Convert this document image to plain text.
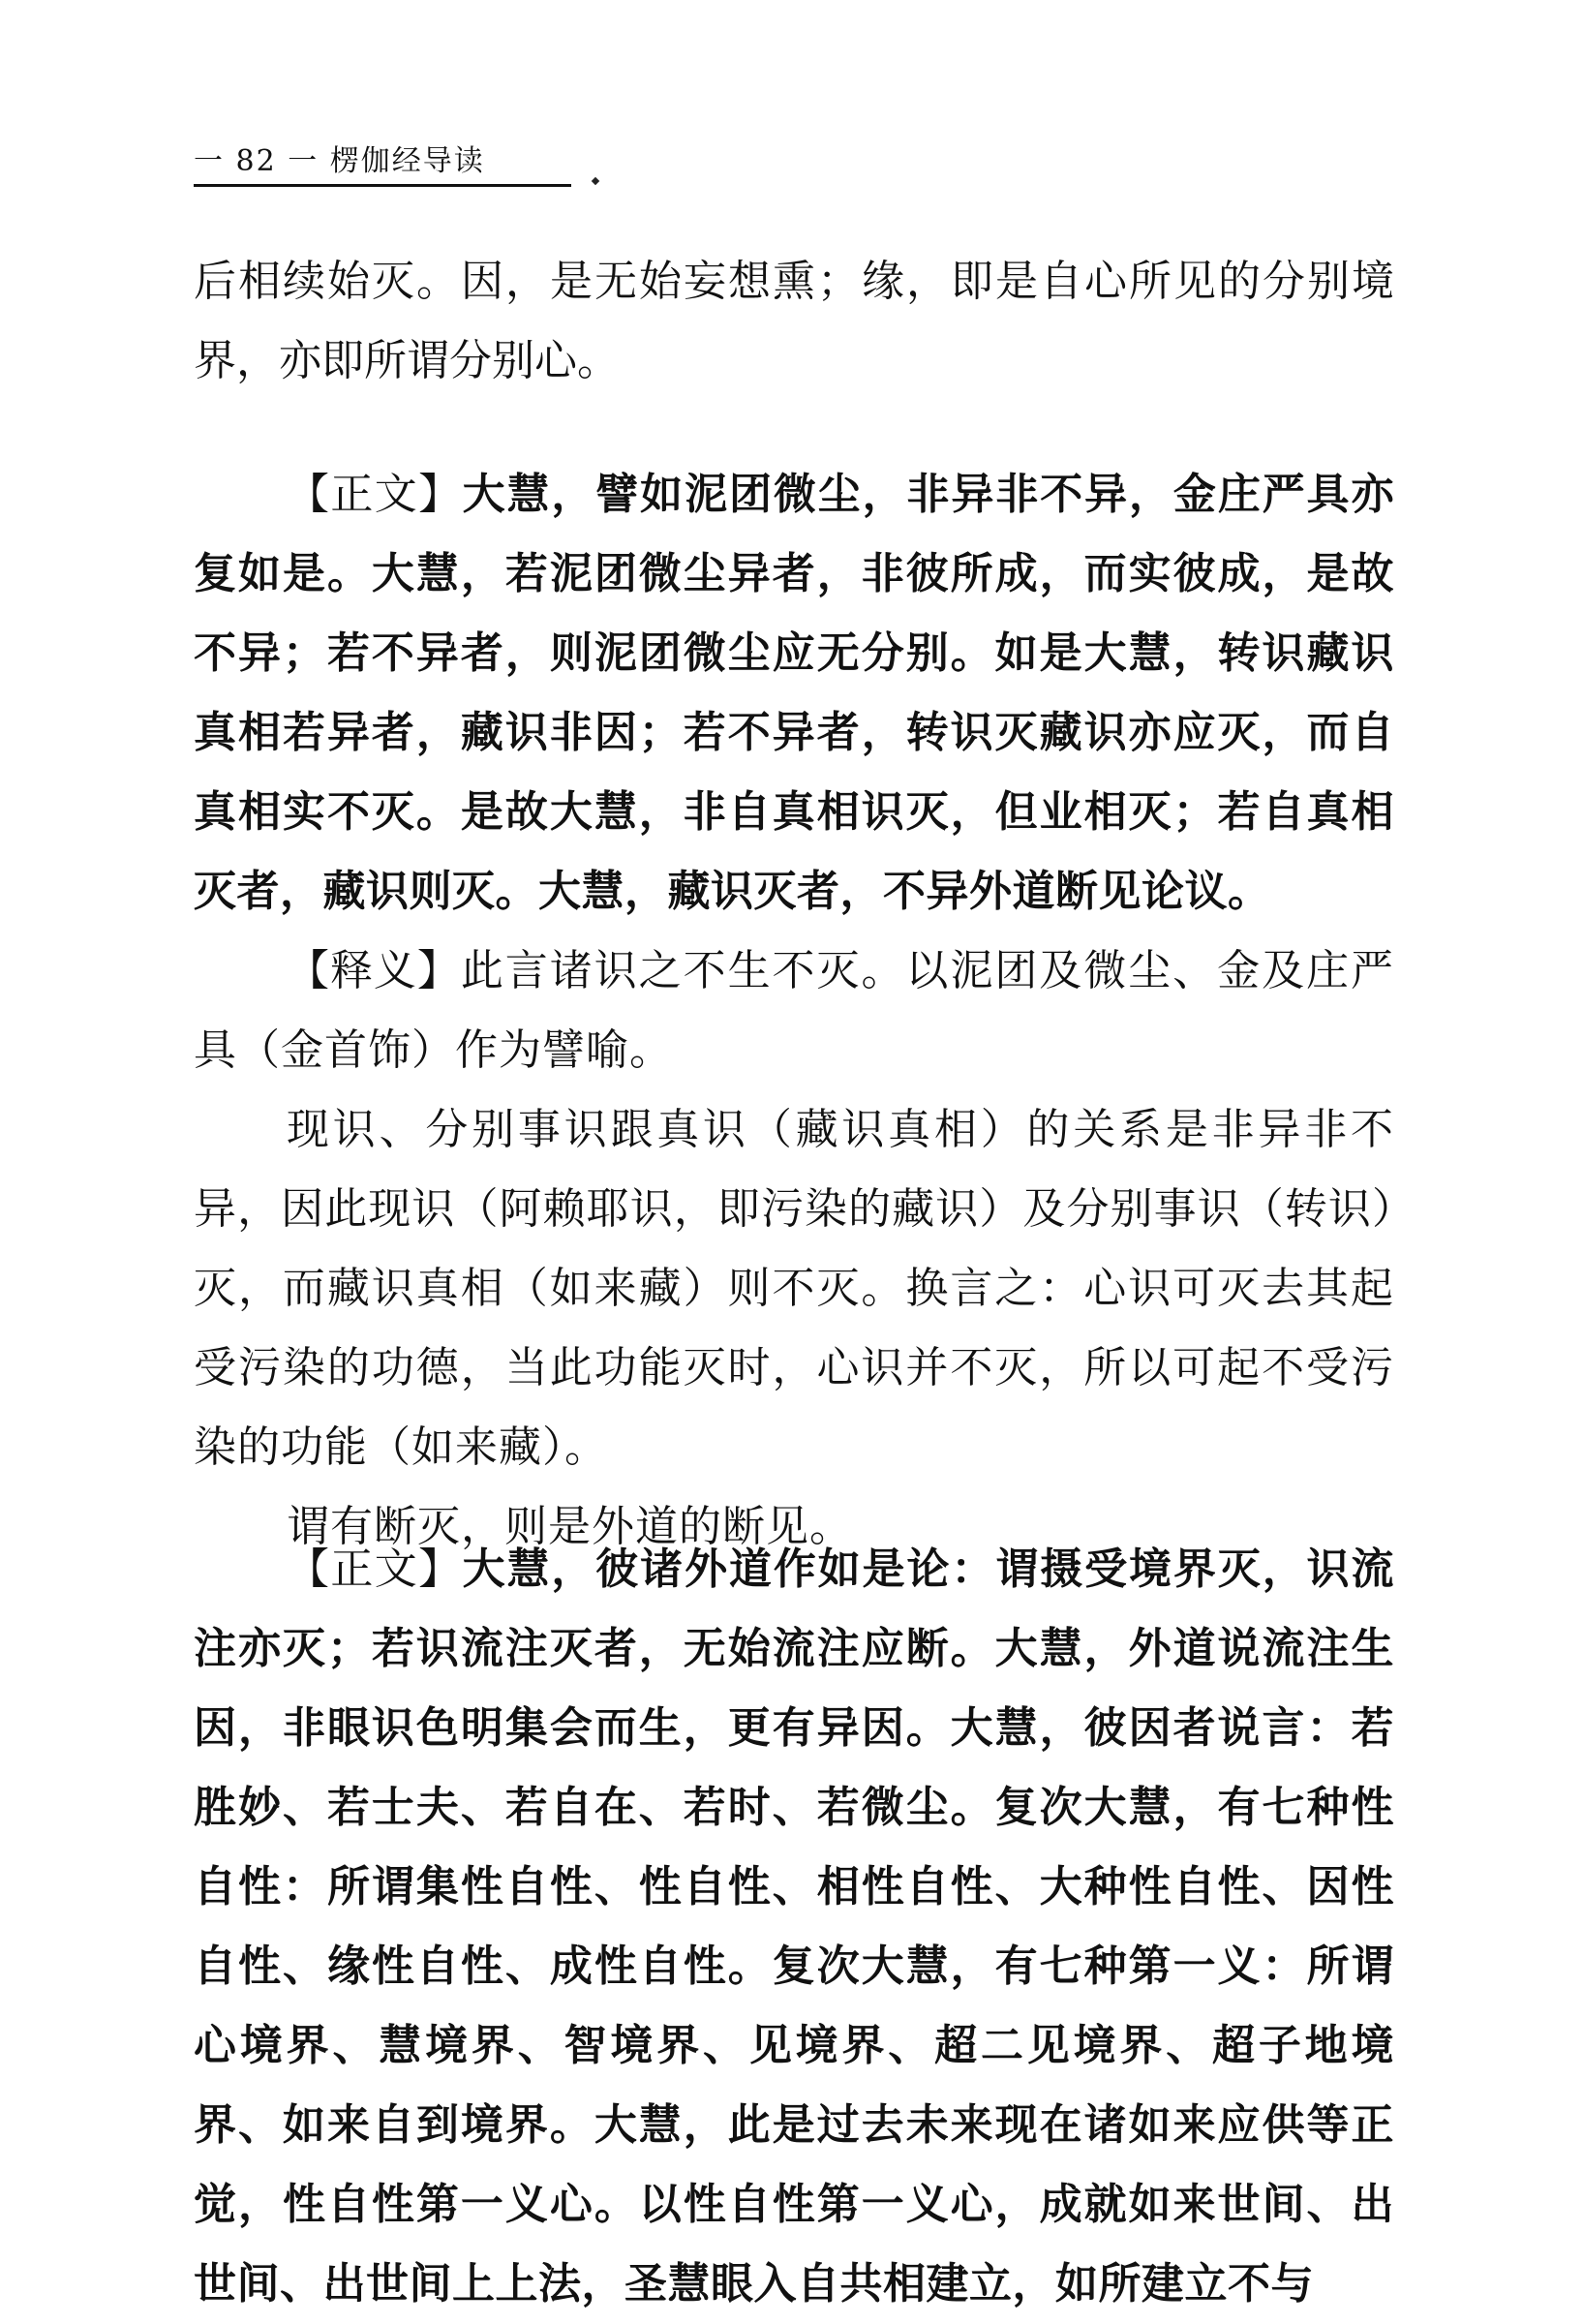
一 82 一 楞伽经导读

后相续始灭。因，是无始妄想熏；缘，即是自心所见的分别境界，亦即所谓分别心。

【正文】大慧，譬如泥团微尘，非异非不异，金庄严具亦复如是。大慧，若泥团微尘异者，非彼所成，而实彼成，是故不异；若不异者，则泥团微尘应无分别。如是大慧，转识藏识真相若异者，藏识非因；若不异者，转识灭藏识亦应灭，而自真相实不灭。是故大慧，非自真相识灭，但业相灭；若自真相灭者，藏识则灭。大慧，藏识灭者，不异外道断见论议。

【释义】此言诸识之不生不灭。以泥团及微尘、金及庄严具（金首饰）作为譬喻。

现识、分别事识跟真识（藏识真相）的关系是非异非不异，因此现识（阿赖耶识，即污染的藏识）及分别事识（转识）灭，而藏识真相（如来藏）则不灭。换言之：心识可灭去其起受污染的功德，当此功能灭时，心识并不灭，所以可起不受污染的功能（如来藏）。

谓有断灭，则是外道的断见。

【正文】大慧，彼诸外道作如是论：谓摄受境界灭，识流注亦灭；若识流注灭者，无始流注应断。大慧，外道说流注生因，非眼识色明集会而生，更有异因。大慧，彼因者说言：若胜妙、若士夫、若自在、若时、若微尘。复次大慧，有七种性自性：所谓集性自性、性自性、相性自性、大种性自性、因性自性、缘性自性、成性自性。复次大慧，有七种第一义：所谓心境界、慧境界、智境界、见境界、超二见境界、超子地境界、如来自到境界。大慧，此是过去未来现在诸如来应供等正觉，性自性第一义心。以性自性第一义心，成就如来世间、出世间、出世间上上法，圣慧眼入自共相建立，如所建立不与
